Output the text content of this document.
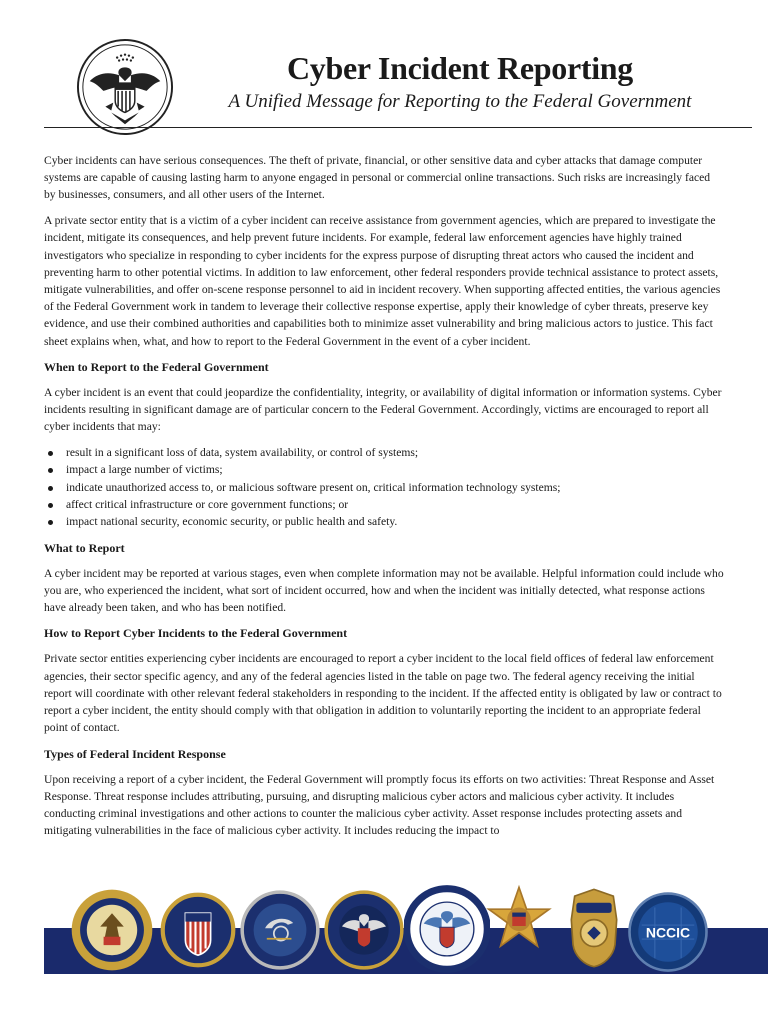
Cyber Incident Reporting
A Unified Message for Reporting to the Federal Government

Cyber incidents can have serious consequences. The theft of private, financial, or other sensitive data and cyber attacks that damage computer systems are capable of causing lasting harm to anyone engaged in personal or commercial online transactions. Such risks are increasingly faced by businesses, consumers, and all other users of the Internet.

A private sector entity that is a victim of a cyber incident can receive assistance from government agencies, which are prepared to investigate the incident, mitigate its consequences, and help prevent future incidents. For example, federal law enforcement agencies have highly trained investigators who specialize in responding to cyber incidents for the express purpose of disrupting threat actors who caused the incident and preventing harm to other potential victims. In addition to law enforcement, other federal responders provide technical assistance to protect assets, mitigate vulnerabilities, and offer on-scene response personnel to aid in incident recovery. When supporting affected entities, the various agencies of the Federal Government work in tandem to leverage their collective response expertise, apply their knowledge of cyber threats, preserve key evidence, and use their combined authorities and capabilities both to minimize asset vulnerability and bring malicious actors to justice. This fact sheet explains when, what, and how to report to the Federal Government in the event of a cyber incident.

When to Report to the Federal Government

A cyber incident is an event that could jeopardize the confidentiality, integrity, or availability of digital information or information systems. Cyber incidents resulting in significant damage are of particular concern to the Federal Government. Accordingly, victims are encouraged to report all cyber incidents that may:

result in a significant loss of data, system availability, or control of systems;
impact a large number of victims;
indicate unauthorized access to, or malicious software present on, critical information technology systems;
affect critical infrastructure or core government functions; or
impact national security, economic security, or public health and safety.
What to Report

A cyber incident may be reported at various stages, even when complete information may not be available. Helpful information could include who you are, who experienced the incident, what sort of incident occurred, how and when the incident was initially detected, what response actions have already been taken, and who has been notified.

How to Report Cyber Incidents to the Federal Government

Private sector entities experiencing cyber incidents are encouraged to report a cyber incident to the local field offices of federal law enforcement agencies, their sector specific agency, and any of the federal agencies listed in the table on page two. The federal agency receiving the initial report will coordinate with other relevant federal stakeholders in responding to the incident. If the affected entity is obligated by law or contract to report a cyber incident, the entity should comply with that obligation in addition to voluntarily reporting the incident to an appropriate federal point of contact.

Types of Federal Incident Response

Upon receiving a report of a cyber incident, the Federal Government will promptly focus its efforts on two activities: Threat Response and Asset Response. Threat response includes attributing, pursuing, and disrupting malicious cyber actors and malicious cyber activity. It includes conducting criminal investigations and other actions to counter the malicious cyber activity. Asset response includes protecting assets and mitigating vulnerabilities in the face of malicious cyber activity. It includes reducing the impact to

NCCIC
